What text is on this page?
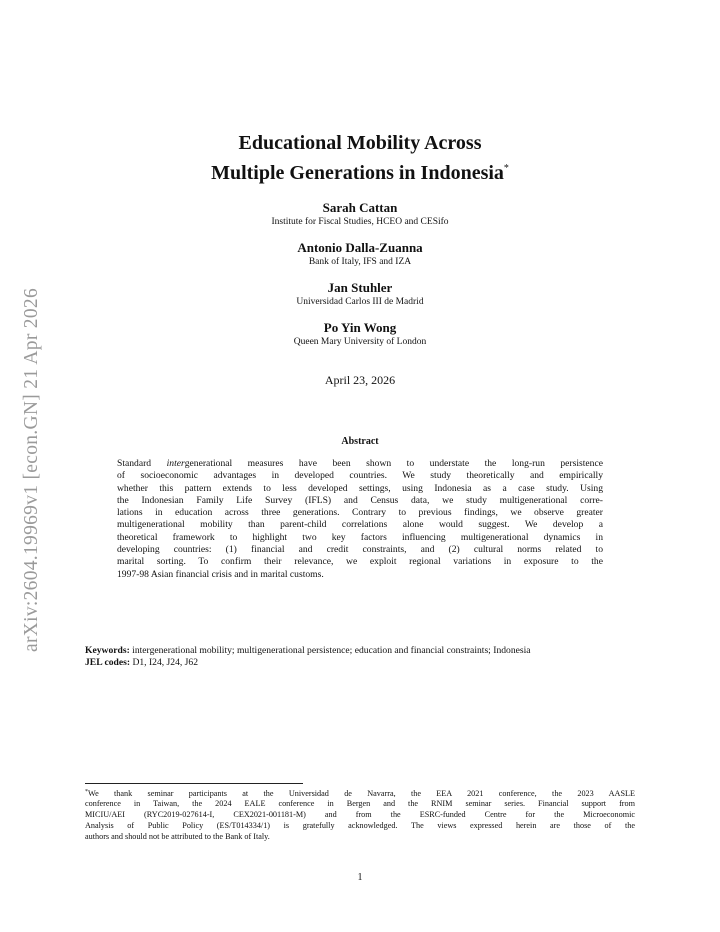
arXiv:2604.19969v1 [econ.GN] 21 Apr 2026
Educational Mobility Across
Multiple Generations in Indonesia*
Sarah Cattan
Institute for Fiscal Studies, HCEO and CESifo
Antonio Dalla-Zuanna
Bank of Italy, IFS and IZA
Jan Stuhler
Universidad Carlos III de Madrid
Po Yin Wong
Queen Mary University of London
April 23, 2026
Abstract
Standard intergenerational measures have been shown to understate the long-run persistence
of socioeconomic advantages in developed countries. We study theoretically and empirically
whether this pattern extends to less developed settings, using Indonesia as a case study. Using
the Indonesian Family Life Survey (IFLS) and Census data, we study multigenerational corre-
lations in education across three generations. Contrary to previous findings, we observe greater
multigenerational mobility than parent-child correlations alone would suggest. We develop a
theoretical framework to highlight two key factors influencing multigenerational dynamics in
developing countries: (1) financial and credit constraints, and (2) cultural norms related to
marital sorting. To confirm their relevance, we exploit regional variations in exposure to the
1997-98 Asian financial crisis and in marital customs.
Keywords: intergenerational mobility; multigenerational persistence; education and financial constraints; Indonesia
JEL codes: D1, I24, J24, J62
*We thank seminar participants at the Universidad de Navarra, the EEA 2021 conference, the 2023 AASLE
conference in Taiwan, the 2024 EALE conference in Bergen and the RNIM seminar series. Financial support from
MICIU/AEI (RYC2019-027614-I, CEX2021-001181-M) and from the ESRC-funded Centre for the Microeconomic
Analysis of Public Policy (ES/T014334/1) is gratefully acknowledged. The views expressed herein are those of the
authors and should not be attributed to the Bank of Italy.
1
